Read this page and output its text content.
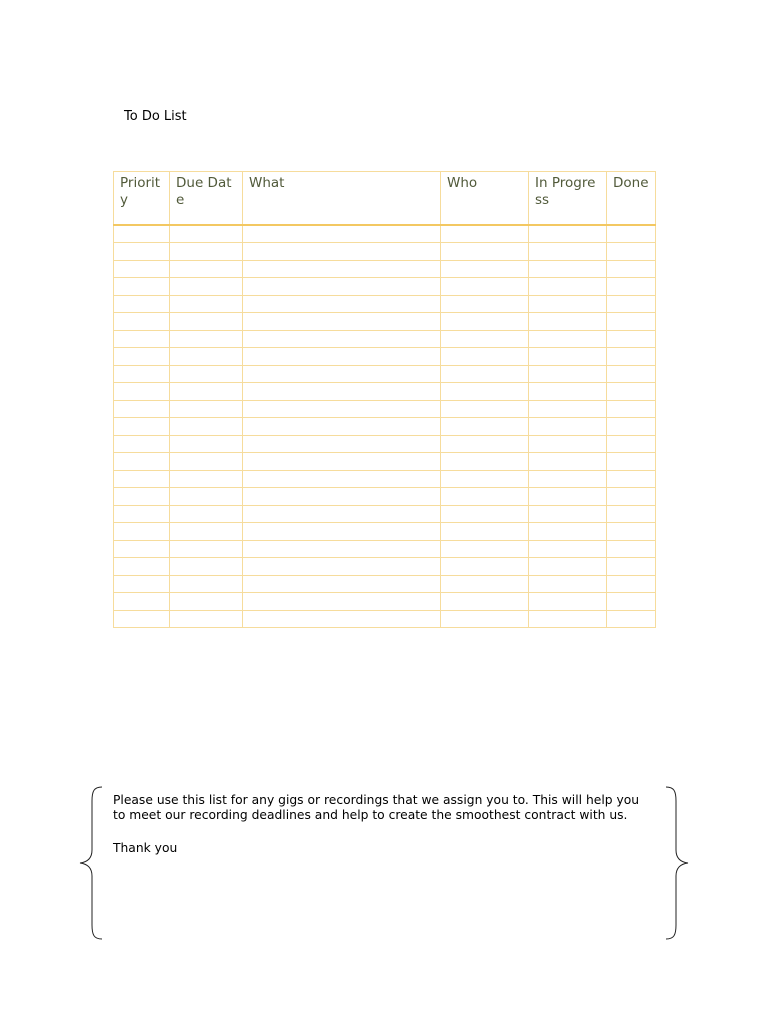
To Do List
Priority	Due Date	What	Who	In Progress	Done

Please use this list for any gigs or recordings that we assign you to. This will help you to meet our recording deadlines and help to create the smoothest contract with us.

Thank you
